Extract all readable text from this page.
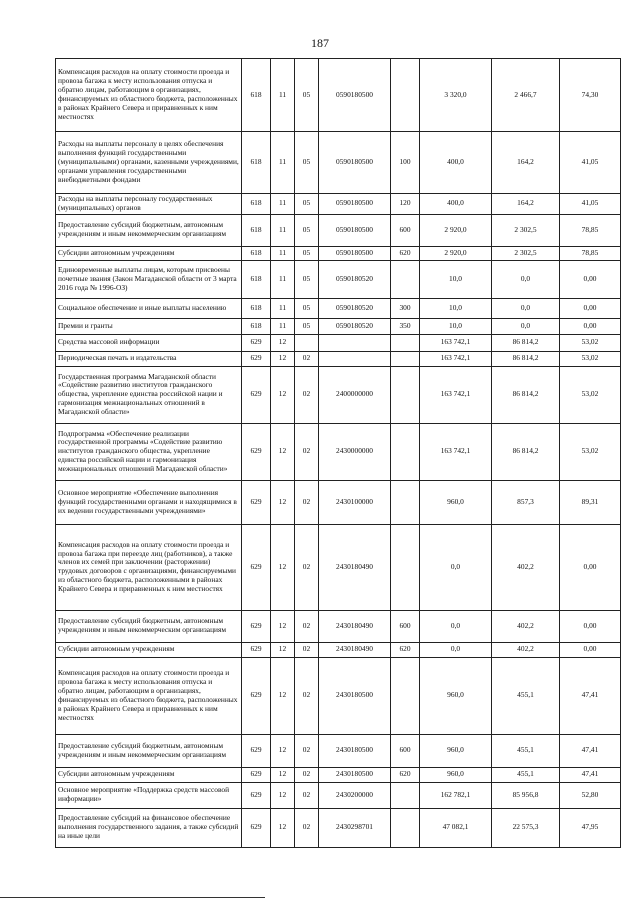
187
Компенсация расходов на оплату стоимости проезда и провоза багажа к месту использования отпуска и обратно лицам, работающим в организациях, финансируемых из областного бюджета, расположенных в районах Крайнего Севера и приравненных к ним местностях	618	11	05	0590180500		3 320,0	2 466,7	74,30
Расходы на выплаты персоналу в целях обеспечения выполнения функций государственными (муниципальными) органами, казенными учреждениями, органами управления государственными внебюджетными фондами	618	11	05	0590180500	100	400,0	164,2	41,05
Расходы на выплаты персоналу государственных (муниципальных) органов	618	11	05	0590180500	120	400,0	164,2	41,05
Предоставление субсидий бюджетным, автономным учреждениям и иным некоммерческим организациям	618	11	05	0590180500	600	2 920,0	2 302,5	78,85
Субсидии автономным учреждениям	618	11	05	0590180500	620	2 920,0	2 302,5	78,85
Единовременные выплаты лицам, которым присвоены почетные звания (Закон Магаданской области от 3 марта 2016 года № 1996-ОЗ)	618	11	05	0590180520		10,0	0,0	0,00
Социальное обеспечение и иные выплаты населению	618	11	05	0590180520	300	10,0	0,0	0,00
Премии и гранты	618	11	05	0590180520	350	10,0	0,0	0,00
Средства массовой информации	629	12				163 742,1	86 814,2	53,02
Периодическая печать и издательства	629	12	02			163 742,1	86 814,2	53,02
Государственная программа Магаданской области «Содействие развитию институтов гражданского общества, укрепление единства российской нации и гармонизация межнациональных отношений в Магаданской области»	629	12	02	2400000000		163 742,1	86 814,2	53,02
Подпрограмма «Обеспечение реализации государственной программы «Содействие развитию институтов гражданского общества, укрепление единства российской нации и гармонизация межнациональных отношений Магаданской области»	629	12	02	2430000000		163 742,1	86 814,2	53,02
Основное мероприятие «Обеспечение выполнения функций государственными органами и находящимися в их ведении государственными учреждениями»	629	12	02	2430100000		960,0	857,3	89,31
Компенсация расходов на оплату стоимости проезда и провоза багажа при переезде лиц (работников), а также членов их семей при заключении (расторжении) трудовых договоров с организациями, финансируемыми из областного бюджета, расположенными в районах Крайнего Севера и приравненных к ним местностях	629	12	02	2430180490		0,0	402,2	0,00
Предоставление субсидий бюджетным, автономным учреждениям и иным некоммерческим организациям	629	12	02	2430180490	600	0,0	402,2	0,00
Субсидии автономным учреждениям	629	12	02	2430180490	620	0,0	402,2	0,00
Компенсация расходов на оплату стоимости проезда и провоза багажа к месту использования отпуска и обратно лицам, работающим в организациях, финансируемых из областного бюджета, расположенных в районах Крайнего Севера и приравненных к ним местностях	629	12	02	2430180500		960,0	455,1	47,41
Предоставление субсидий бюджетным, автономным учреждениям и иным некоммерческим организациям	629	12	02	2430180500	600	960,0	455,1	47,41
Субсидии автономным учреждениям	629	12	02	2430180500	620	960,0	455,1	47,41
Основное мероприятие «Поддержка средств массовой информации»	629	12	02	2430200000		162 782,1	85 956,8	52,80
Предоставление субсидий на финансовое обеспечение выполнения государственного задания, а также субсидий на иные цели	629	12	02	2430298701		47 082,1	22 575,3	47,95
